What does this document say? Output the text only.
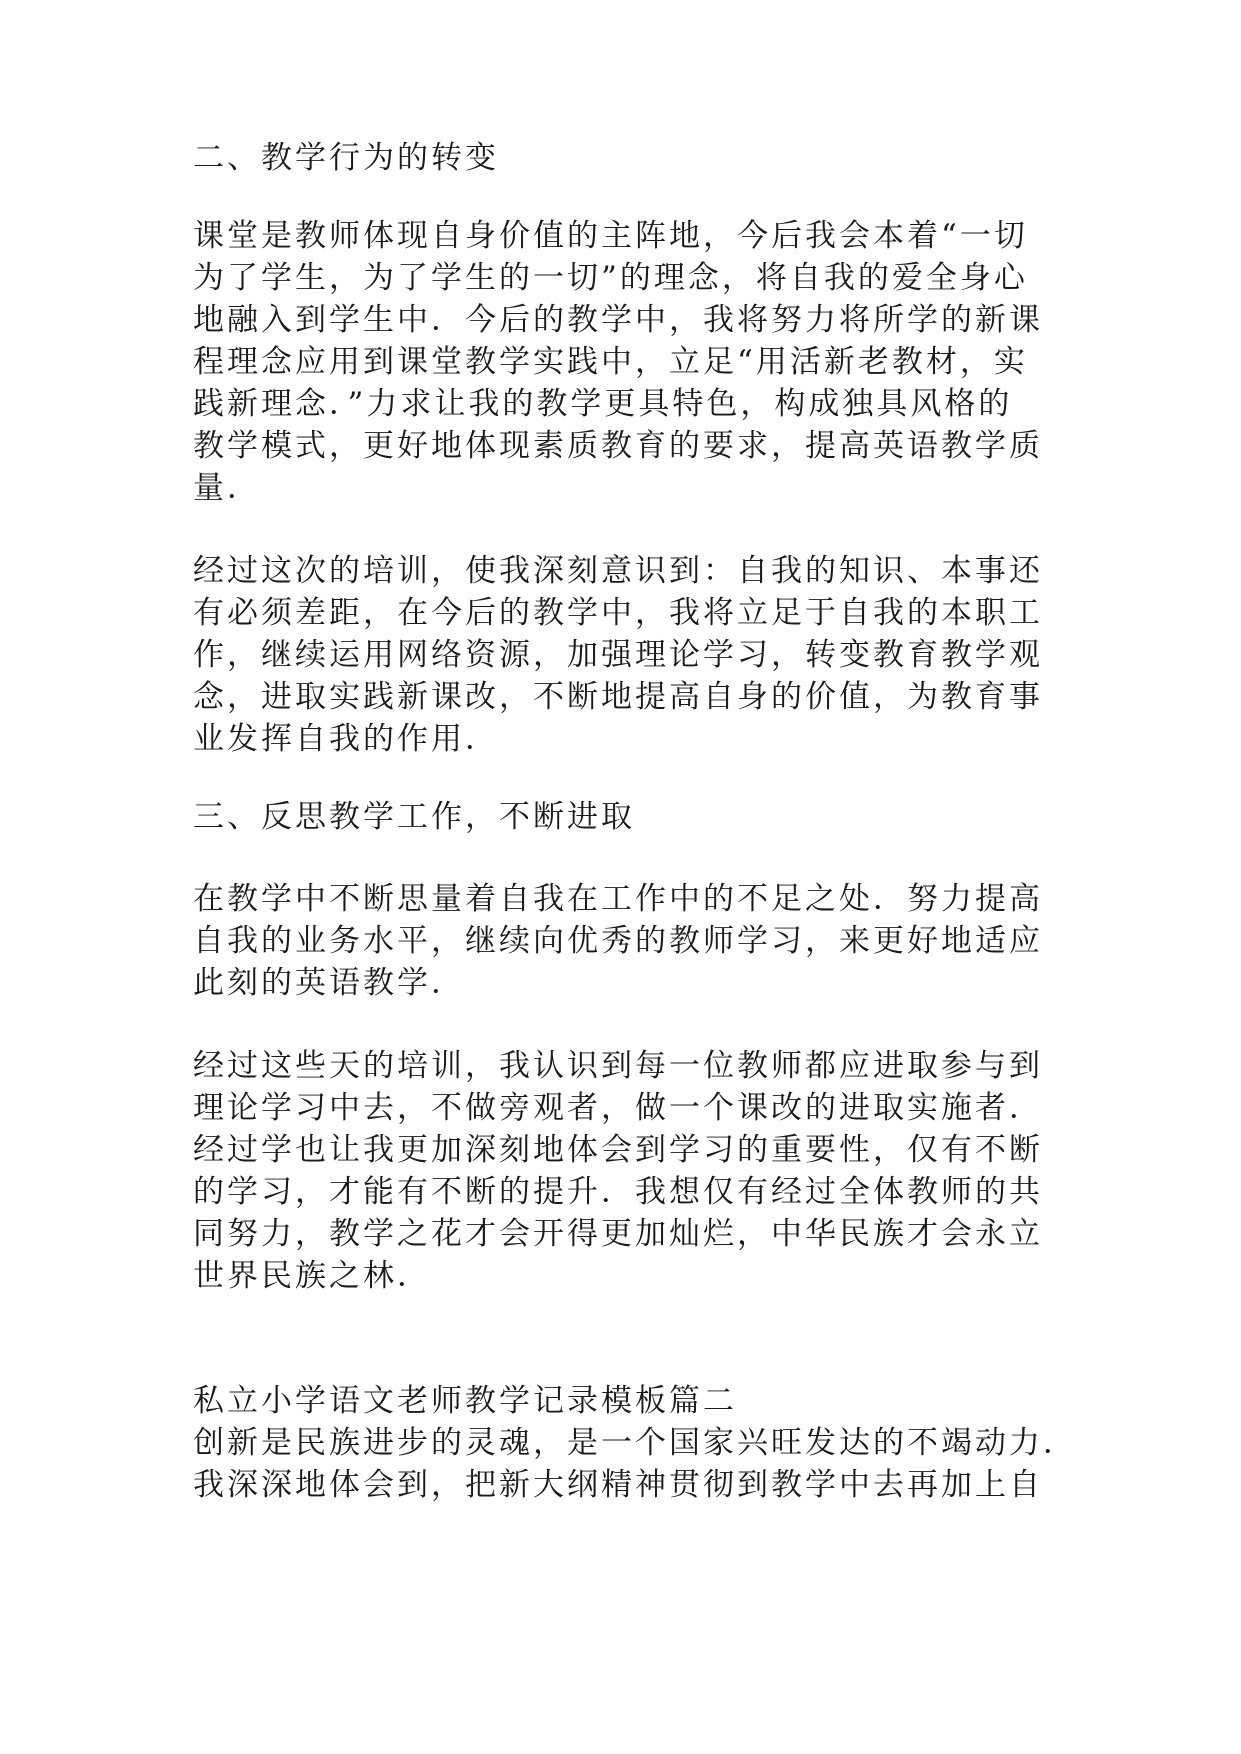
二、教学行为的转变
课堂是教师体现自身价值的主阵地，今后我会本着“一切
为了学生，为了学生的一切”的理念，将自我的爱全身心
地融入到学生中．今后的教学中，我将努力将所学的新课
程理念应用到课堂教学实践中，立足“用活新老教材，实
践新理念．”力求让我的教学更具特色，构成独具风格的
教学模式，更好地体现素质教育的要求，提高英语教学质
量．
经过这次的培训，使我深刻意识到：自我的知识、本事还
有必须差距，在今后的教学中，我将立足于自我的本职工
作，继续运用网络资源，加强理论学习，转变教育教学观
念，进取实践新课改，不断地提高自身的价值，为教育事
业发挥自我的作用．
三、反思教学工作，不断进取
在教学中不断思量着自我在工作中的不足之处．努力提高
自我的业务水平，继续向优秀的教师学习，来更好地适应
此刻的英语教学．
经过这些天的培训，我认识到每一位教师都应进取参与到
理论学习中去，不做旁观者，做一个课改的进取实施者．
经过学也让我更加深刻地体会到学习的重要性，仅有不断
的学习，才能有不断的提升．我想仅有经过全体教师的共
同努力，教学之花才会开得更加灿烂，中华民族才会永立
世界民族之林．
私立小学语文老师教学记录模板篇二
创新是民族进步的灵魂，是一个国家兴旺发达的不竭动力．
我深深地体会到，把新大纲精神贯彻到教学中去再加上自
